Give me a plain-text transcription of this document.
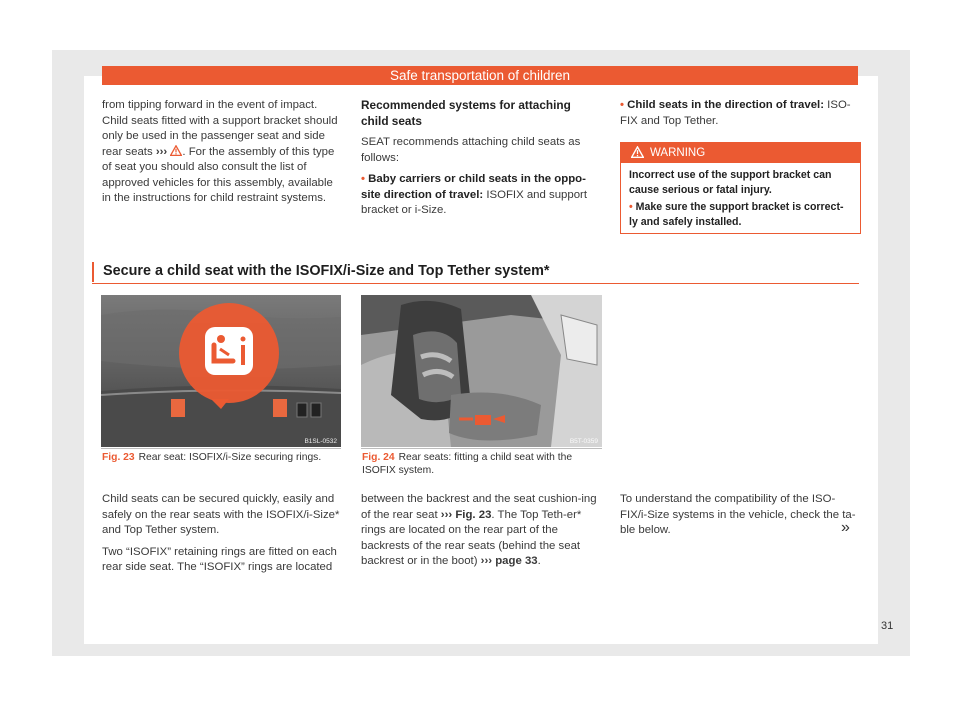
Safe transportation of children

from tipping forward in the event of impact. Child seats fitted with a support bracket should only be used in the passenger seat and side rear seats ››› . For the assembly of this type of seat you should also consult the list of approved vehicles for this assembly, available in the instructions for child restraint systems.

Recommended systems for attaching child seats

SEAT recommends attaching child seats as follows:

• Baby carriers or child seats in the oppo-site direction of travel: ISOFIX and support bracket or i-Size.

• Child seats in the direction of travel: ISO-FIX and Top Tether.

WARNING

Incorrect use of the support bracket can cause serious or fatal injury.

• Make sure the support bracket is correct-ly and safely installed.

Secure a child seat with the ISOFIX/i-Size and Top Tether system*
B1SL-0532
Fig. 23 Rear seat: ISOFIX/i-Size securing rings.
B5T-0359
Fig. 24 Rear seats: fitting a child seat with the ISOFIX system.

Child seats can be secured quickly, easily and safely on the rear seats with the ISOFIX/i-Size* and Top Tether system.

Two “ISOFIX” retaining rings are fitted on each rear side seat. The “ISOFIX” rings are located

between the backrest and the seat cushion-ing of the rear seat ››› Fig. 23. The Top Teth-er* rings are located on the rear part of the backrests of the rear seats (behind the seat backrest or in the boot) ››› page 33.

To understand the compatibility of the ISO-FIX/i-Size systems in the vehicle, check the ta-ble below.	»
31
